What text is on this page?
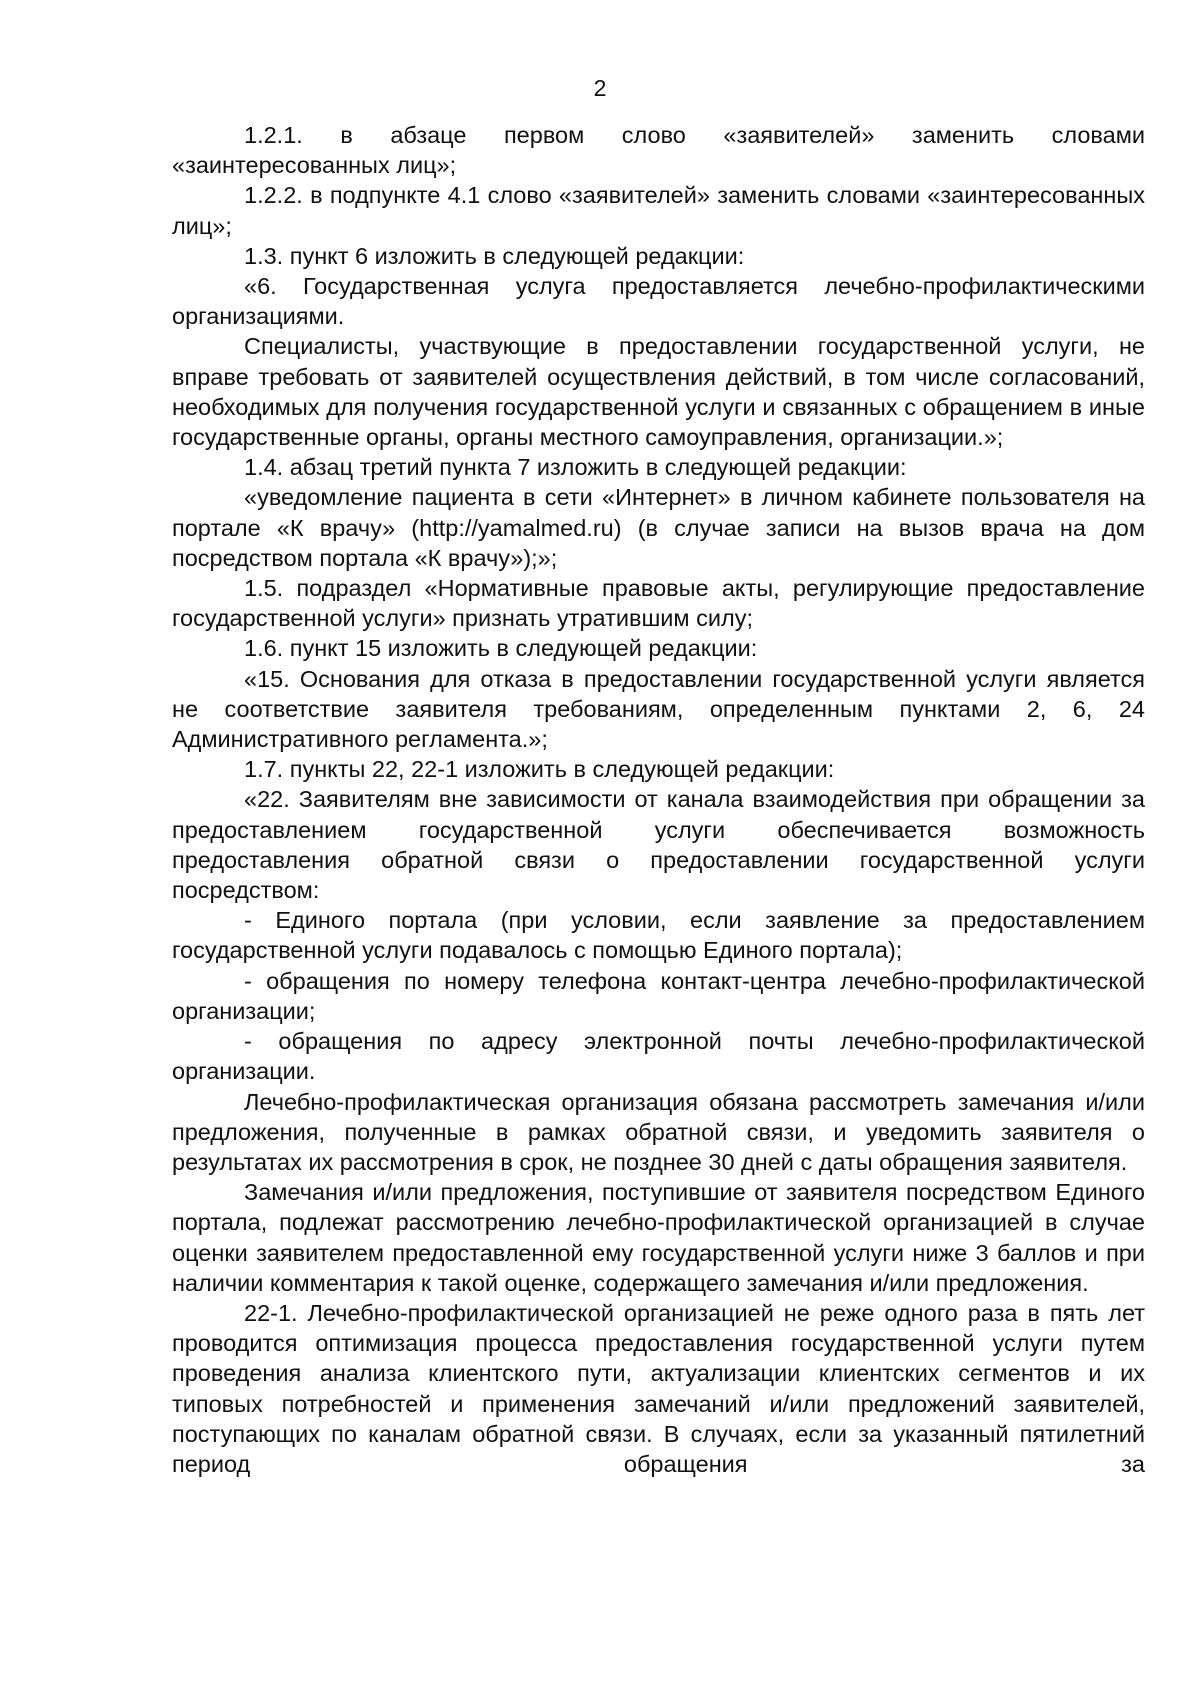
2

1.2.1. в абзаце первом слово «заявителей» заменить словами «заинтересованных лиц»;

1.2.2. в подпункте 4.1 слово «заявителей» заменить словами «заинтересованных лиц»;

1.3. пункт 6 изложить в следующей редакции:

«6. Государственная услуга предоставляется лечебно-профилактическими организациями.

Специалисты, участвующие в предоставлении государственной услуги, не вправе требовать от заявителей осуществления действий, в том числе согласований, необходимых для получения государственной услуги и связанных с обращением в иные государственные органы, органы местного самоуправления, организации.»;

1.4. абзац третий пункта 7 изложить в следующей редакции:

«уведомление пациента в сети «Интернет» в личном кабинете пользователя на портале «К врачу» (http://yamalmed.ru) (в случае записи на вызов врача на дом посредством портала «К врачу»);»;

1.5. подраздел «Нормативные правовые акты, регулирующие предоставление государственной услуги» признать утратившим силу;

1.6. пункт 15 изложить в следующей редакции:

«15. Основания для отказа в предоставлении государственной услуги является не соответствие заявителя требованиям, определенным пунктами 2, 6, 24 Административного регламента.»;

1.7. пункты 22, 22-1 изложить в следующей редакции:

«22. Заявителям вне зависимости от канала взаимодействия при обращении за предоставлением государственной услуги обеспечивается возможность предоставления обратной связи о предоставлении государственной услуги посредством:

- Единого портала (при условии, если заявление за предоставлением государственной услуги подавалось с помощью Единого портала);

- обращения по номеру телефона контакт-центра лечебно-профилактической организации;

- обращения по адресу электронной почты лечебно-профилактической организации.

Лечебно-профилактическая организация обязана рассмотреть замечания и/или предложения, полученные в рамках обратной связи, и уведомить заявителя о результатах их рассмотрения в срок, не позднее 30 дней с даты обращения заявителя.

Замечания и/или предложения, поступившие от заявителя посредством Единого портала, подлежат рассмотрению лечебно-профилактической организацией в случае оценки заявителем предоставленной ему государственной услуги ниже 3 баллов и при наличии комментария к такой оценке, содержащего замечания и/или предложения.

22-1. Лечебно-профилактической организацией не реже одного раза в пять лет проводится оптимизация процесса предоставления государственной услуги путем проведения анализа клиентского пути, актуализации клиентских сегментов и их типовых потребностей и применения замечаний и/или предложений заявителей, поступающих по каналам обратной связи. В случаях, если за указанный пятилетний период обращения за
